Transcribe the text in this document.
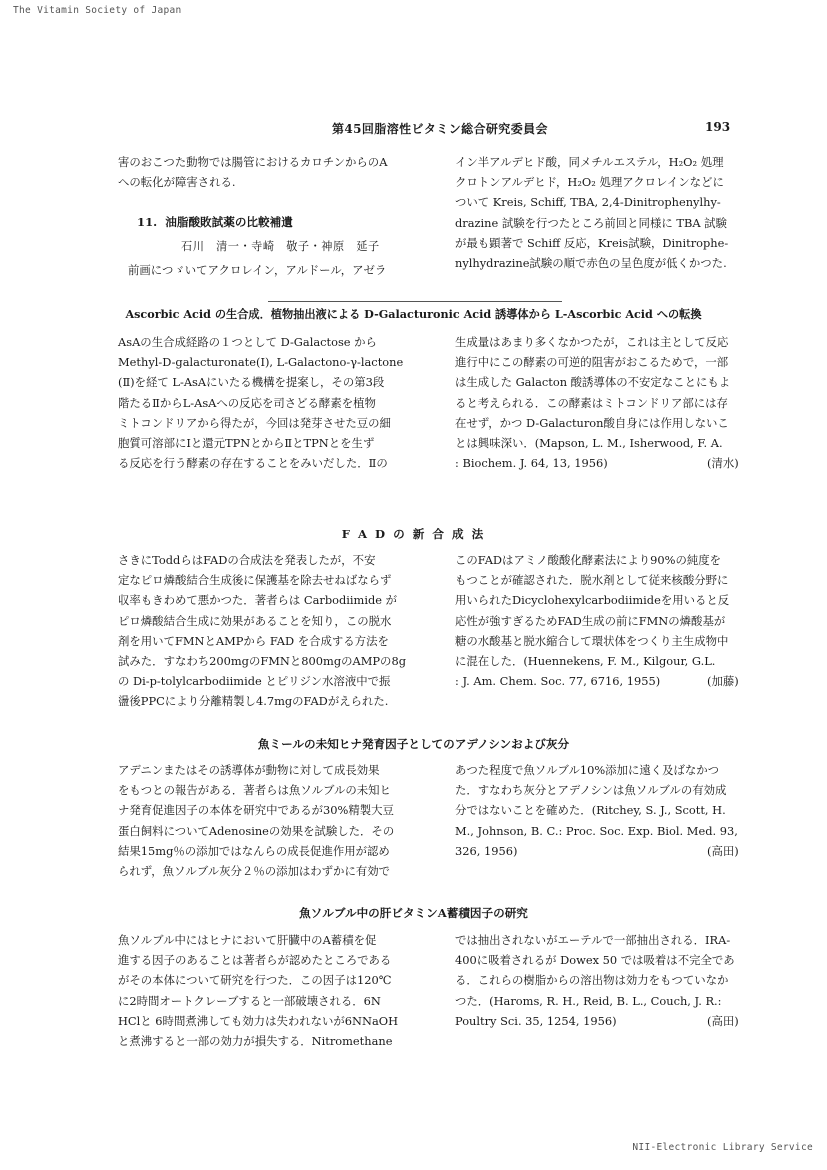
The Vitamin Society of Japan
第45回脂溶性ビタミン総合研究委員会	193
害のおこつた動物では腸管におけるカロチンからのA
への転化が障害される.
11. 油脂酸敗試薬の比較補遺
石川　清一・寺崎　敬子・神原　延子
前画につゞいてアクロレイン，アルドール，アゼラ
イン半アルデヒド酸，同メチルエステル，H₂O₂ 処理
クロトンアルデヒド，H₂O₂ 処理アクロレインなどに
ついて Kreis, Schiff, TBA, 2,4-Dinitrophenylhy-
drazine 試験を行つたところ前回と同様に TBA 試験
が最も顕著で Schiff 反応，Kreis試験，Dinitrophe-
nylhydrazine試験の順で赤色の呈色度が低くかつた.
Ascorbic Acid の生合成．植物抽出液による D-Galacturonic Acid 誘導体から L-Ascorbic Acid への転換
AsAの生合成経路の１つとして D-Galactose から
Methyl-D-galacturonate(Ⅰ), L-Galactono-γ-lactone
(Ⅱ)を経て L-AsAにいたる機構を提案し，その第3段
階たるⅡからL-AsAへの反応を司さどる酵素を植物
ミトコンドリアから得たが，今回は発芽させた豆の細
胞質可溶部にⅠと還元TPNとからⅡとTPNとを生ず
る反応を行う酵素の存在することをみいだした．Ⅱの
生成量はあまり多くなかつたが，これは主として反応
進行中にこの酵素の可逆的阻害がおこるためで，一部
は生成した Galacton 酸誘導体の不安定なことにもよ
ると考えられる．この酵素はミトコンドリア部には存
在せず，かつ D-Galacturon酸自身には作用しないこ
とは興味深い．(Mapson, L. M., Isherwood, F. A.
: Biochem. J. 64, 13, 1956)	(清水)
F A D の 新 合 成 法
さきにToddらはFADの合成法を発表したが，不安
定なピロ燐酸結合生成後に保護基を除去せねばならず
収率もきわめて悪かつた．著者らは Carbodiimide が
ピロ燐酸結合生成に効果があることを知り，この脱水
剤を用いてFMNとAMPから FAD を合成する方法を
試みた．すなわち200mgのFMNと800mgのAMPの8g
の Di-p-tolylcarbodiimide とピリジン水溶液中で振
盪後PPCにより分離精製し4.7mgのFADがえられた.
このFADはアミノ酸酸化酵素法により90%の純度を
もつことが確認された．脱水剤として従来核酸分野に
用いられたDicyclohexylcarbodiimideを用いると反
応性が強すぎるためFAD生成の前にFMNの燐酸基が
糖の水酸基と脱水縮合して環状体をつくり主生成物中
に混在した．(Huennekens, F. M., Kilgour, G.L.
: J. Am. Chem. Soc. 77, 6716, 1955)	(加藤)
魚ミールの未知ヒナ発育因子としてのアデノシンおよび灰分
アデニンまたはその誘導体が動物に対して成長効果
をもつとの報告がある．著者らは魚ソルブルの未知ヒ
ナ発育促進因子の本体を研究中であるが30%精製大豆
蛋白飼料についてAdenosineの効果を試験した．その
結果15mg％の添加ではなんらの成長促進作用が認め
られず，魚ソルブル灰分２％の添加はわずかに有効で
あつた程度で魚ソルブル10%添加に遠く及ばなかつ
た．すなわち灰分とアデノシンは魚ソルブルの有効成
分ではないことを確めた．(Ritchey, S. J., Scott, H.
M., Johnson, B. C.: Proc. Soc. Exp. Biol. Med. 93,
326, 1956)	(高田)
魚ソルブル中の肝ビタミンA蓄積因子の研究
魚ソルブル中にはヒナにおいて肝臓中のA蓄積を促
進する因子のあることは著者らが認めたところである
がその本体について研究を行つた．この因子は120℃
に2時間オートクレーブすると一部破壊される．6N
HClと 6時間煮沸しても効力は失われないが6NNaOH
と煮沸すると一部の効力が損失する．Nitromethane
では抽出されないがエーテルで一部抽出される．IRA-
400に吸着されるが Dowex 50 では吸着は不完全であ
る．これらの樹脂からの溶出物は効力をもつていなか
つた．(Haroms, R. H., Reid, B. L., Couch, J. R.:
Poultry Sci. 35, 1254, 1956)	(高田)
NII-Electronic Library Service
